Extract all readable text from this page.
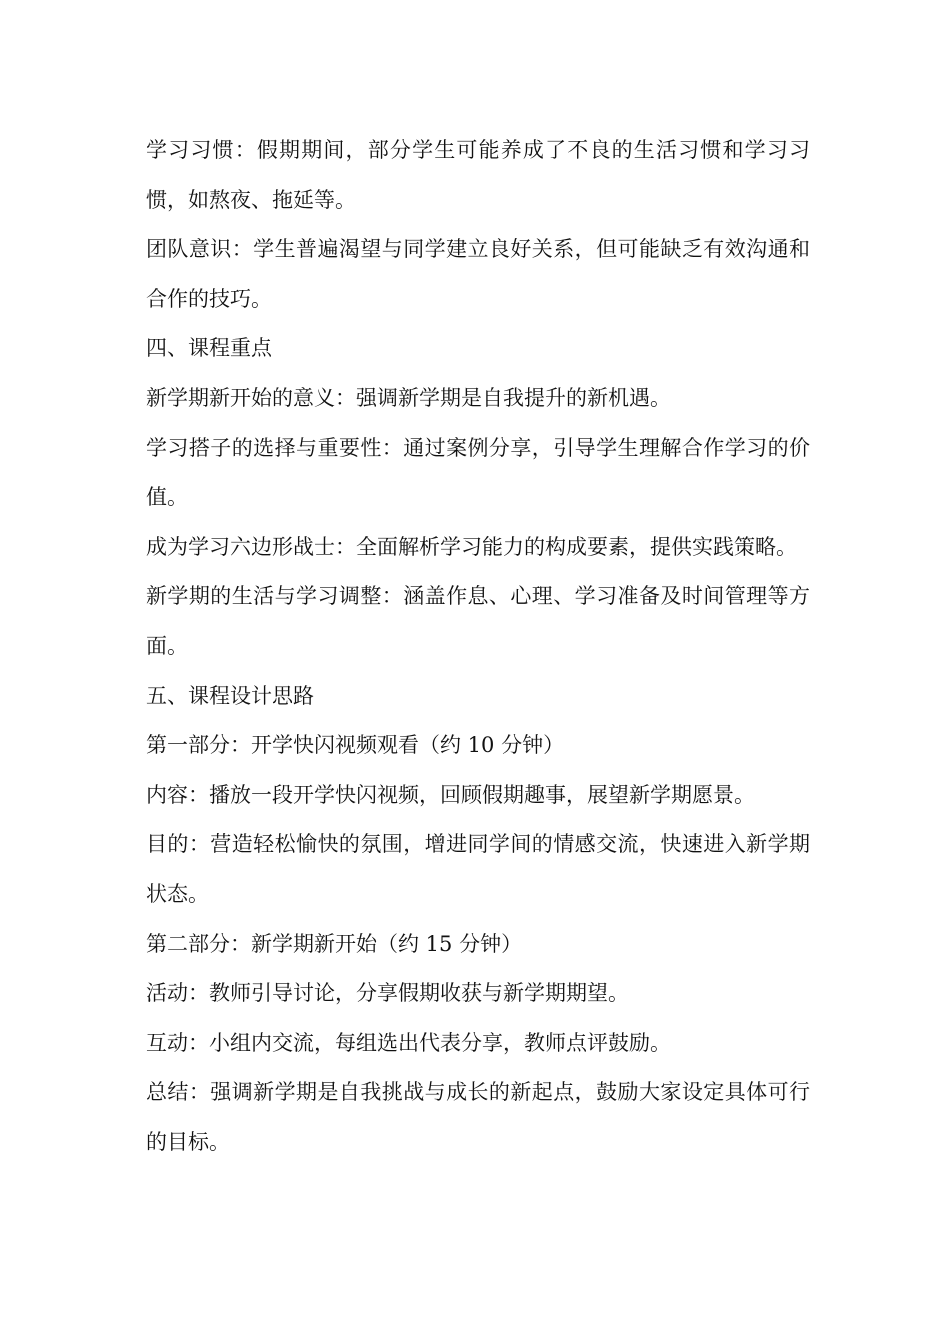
学习习惯：假期期间，部分学生可能养成了不良的生活习惯和学习习惯，如熬夜、拖延等。

团队意识：学生普遍渴望与同学建立良好关系，但可能缺乏有效沟通和合作的技巧。

四、课程重点

新学期新开始的意义：强调新学期是自我提升的新机遇。

学习搭子的选择与重要性：通过案例分享，引导学生理解合作学习的价值。

成为学习六边形战士：全面解析学习能力的构成要素，提供实践策略。

新学期的生活与学习调整：涵盖作息、心理、学习准备及时间管理等方面。

五、课程设计思路

第一部分：开学快闪视频观看（约 10 分钟）

内容：播放一段开学快闪视频，回顾假期趣事，展望新学期愿景。

目的：营造轻松愉快的氛围，增进同学间的情感交流，快速进入新学期状态。

第二部分：新学期新开始（约 15 分钟）

活动：教师引导讨论，分享假期收获与新学期期望。

互动：小组内交流，每组选出代表分享，教师点评鼓励。

总结：强调新学期是自我挑战与成长的新起点，鼓励大家设定具体可行的目标。
